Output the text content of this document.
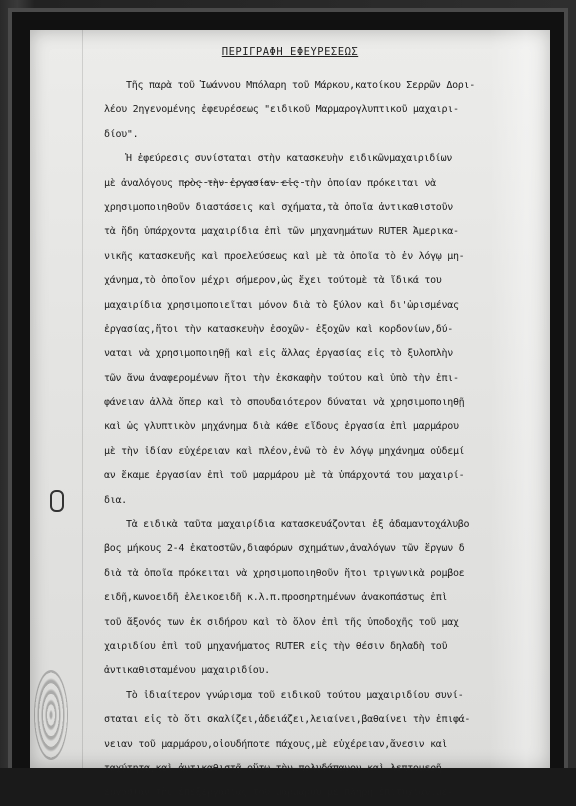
ΠΕΡΙΓΡΑΦΗ ΕΦΕΥΡΕΣΕΩΣ
Τῆς παρὰ τοῦ Ἰωάννου Μπόλαρη τοῦ Μάρκου,κατοίκου Σερρῶν Δορι-
λέου 2ηγενομένης ἐφευρέσεως "ειδικοῦ Μαρμαρογλυπτικοῦ μαχαιρι-
δίου".
Ἡ ἐφεύρεσις συνίσταται στὴν κατασκευὴν ειδικῶνμαχαιριδίων
μὲ ἀναλόγους πρὸς τὴν ἐργασίαν εἰς τὴν ὁποίαν πρόκειται νὰ
χρησιμοποιηθοῦν διαστάσεις καὶ σχήματα,τὰ ὁποῖα ἀντικαθιστοῦν
τὰ ἤδη ὑπάρχοντα μαχαιρίδια ἐπὶ τῶν μηχανημάτων RUTER Ἀμερικα-
νικῆς κατασκευῆς καὶ προελεύσεως καὶ μὲ τὰ ὁποῖα τὸ ἐν λόγῳ μη-
χάνημα,τὸ ὁποῖον μέχρι σήμερον,ὡς ἔχει τούτομὲ τὰ ἴδικά του
μαχαιρίδια χρησιμοποιεῖται μόνον διὰ τὸ ξύλον καὶ δι'ὡρισμένας
ἐργασίας,ἤτοι τὴν κατασκευὴν ἐσοχῶν- ἐξοχῶν καὶ κορδονίων,δύ-
ναται νὰ χρησιμοποιηθῇ καὶ εἰς ἄλλας ἐργασίας εἰς τὸ ξυλοπλὴν
τῶν ἄνω ἀναφερομένων ἤτοι τὴν ἐκσκαφὴν τούτου καὶ ὑπὸ τὴν ἐπι-
φάνειαν ἀλλὰ ὅπερ καὶ τὸ σπουδαιότερον δύναται νὰ χρησιμοποιηθῇ
καὶ ὡς γλυπτικὸν μηχάνημα διὰ κάθε εἴδους ἐργασία ἐπὶ μαρμάρου
μὲ τὴν ἰδίαν εὐχέρειαν καὶ πλέον,ἐνῶ τὸ ἐν λόγῳ μηχάνημα οὐδεμί
αν ἔκαμε ἐργασίαν ἐπὶ τοῦ μαρμάρου μὲ τὰ ὑπάρχοντά του μαχαιρί-
δια.
Τὰ ειδικὰ ταῦτα μαχαιρίδια κατασκευάζονται ἐξ ἀδαμαντοχάλυβο
βος μήκους 2-4 ἑκατοστῶν,διαφόρων σχημάτων,ἀναλόγων τῶν ἔργων δ
διὰ τὰ ὁποῖα πρόκειται νὰ χρησιμοποιηθοῦν ἤτοι τριγωνικὰ ρομβοε
ειδῆ,κωνοειδῆ ἑλεικοειδῆ κ.λ.π.προσηρτημένων ἀνακοπάστως ἐπὶ
τοῦ ἄξονός των ἐκ σιδήρου καὶ τὸ ὅλον ἐπὶ τῆς ὑποδοχῆς τοῦ μαχ
χαιριδίου ἐπὶ τοῦ μηχανήματος RUTER εἰς τὴν θέσιν δηλαδὴ τοῦ
ἀντικαθισταμένου μαχαιριδίου.
Τὸ ἰδιαίτερον γνώρισμα τοῦ ειδικοῦ τούτου μαχαιριδίου συνί-
σταται εἰς τὸ ὅτι σκαλίζει,ἀδειάζει,λειαίνει,βαθαίνει τὴν ἐπιφά-
νειαν τοῦ μαρμάρου,οἱουδήποτε πάχους,μὲ εὐχέρειαν,ἄνεσιν καὶ
ταχύτητα,καὶ ἀντικαθιστᾷ οὕτω τὴν πολυδάπανον καὶ λεπτομερῆ
ἐργασίαν τῆς ἐπεξεργασίας τοῦ μαρμάρου μὲ πλήρη ἐπιτυχίαν.με-
